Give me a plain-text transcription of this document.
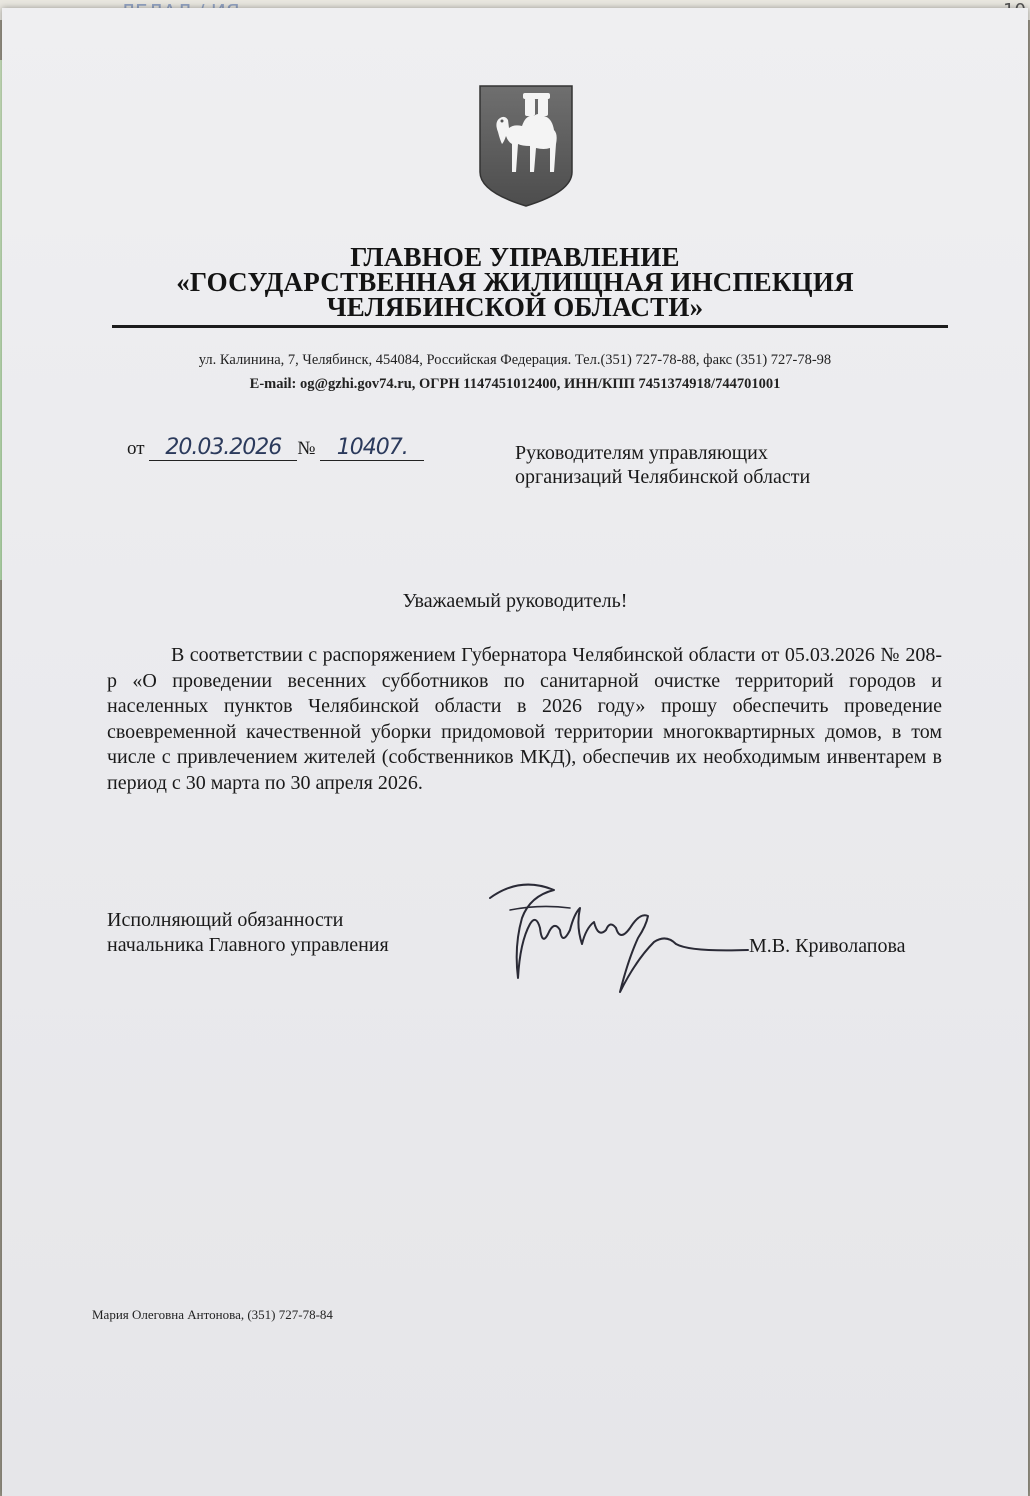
ГЛАВНОЕ УПРАВЛЕНИЕ
«ГОСУДАРСТВЕННАЯ ЖИЛИЩНАЯ ИНСПЕКЦИЯ
ЧЕЛЯБИНСКОЙ ОБЛАСТИ»
ул. Калинина, 7, Челябинск, 454084, Российская Федерация. Тел.(351) 727-78-88, факс (351) 727-78-98
E-mail: og@gzhi.gov74.ru, ОГРН 1147451012400, ИНН/КПП 7451374918/744701001
от 20.03.2026 № 10407.	Руководителям управляющих
организаций Челябинской области
Уважаемый руководитель!
В соответствии с распоряжением Губернатора Челябинской области от 05.03.2026 № 208-р «О проведении весенних субботников по санитарной очистке территорий городов и населенных пунктов Челябинской области в 2026 году» прошу обеспечить проведение своевременной качественной уборки придомовой территории многоквартирных домов, в том числе с привлечением жителей (собственников МКД), обеспечив их необходимым инвентарем в период с 30 марта по 30 апреля 2026.
Исполняющий обязанности
начальника Главного управления	М.В. Криволапова
Мария Олеговна Антонова, (351) 727-78-84
